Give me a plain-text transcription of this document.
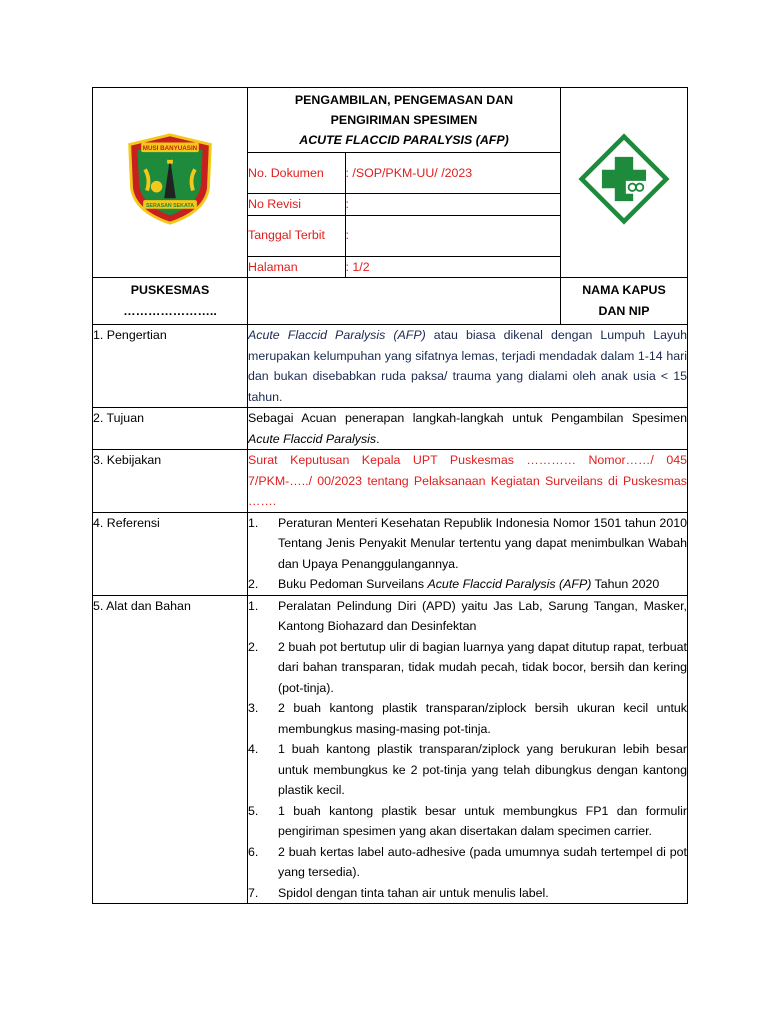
MUSI BANYUASIN
SERASAN SEKATA

PENGAMBILAN, PENGEMASAN DAN
PENGIRIMAN SPESIMEN
ACUTE FLACCID PARALYSIS (AFP)
No. Dokumen	: /SOP/PKM-UU/ /2023
No Revisi	:
Tanggal Terbit	:
Halaman	: 1/2

PUSKESMAS
…………………..

NAMA KAPUS
DAN NIP

1. Pengertian	Acute Flaccid Paralysis (AFP) atau biasa dikenal dengan Lumpuh Layuh merupakan kelumpuhan yang sifatnya lemas, terjadi mendadak dalam 1-14 hari dan bukan disebabkan ruda paksa/ trauma yang dialami oleh anak usia < 15 tahun.
2. Tujuan	Sebagai Acuan penerapan langkah-langkah untuk Pengambilan Spesimen Acute Flaccid Paralysis.
3. Kebijakan	Surat Keputusan Kepala UPT Puskesmas ………… Nomor……/ 045 7/PKM-…../ 00/2023 tentang Pelaksanaan Kegiatan Surveilans di Puskesmas …….
4. Referensi	1. Peraturan Menteri Kesehatan Republik Indonesia Nomor 1501 tahun 2010 Tentang Jenis Penyakit Menular tertentu yang dapat menimbulkan Wabah dan Upaya Penanggulangannya.
2. Buku Pedoman Surveilans Acute Flaccid Paralysis (AFP) Tahun 2020

5. Alat dan Bahan	1. Peralatan Pelindung Diri (APD) yaitu Jas Lab, Sarung Tangan, Masker, Kantong Biohazard dan Desinfektan
2. 2 buah pot bertutup ulir di bagian luarnya yang dapat ditutup rapat, terbuat dari bahan transparan, tidak mudah pecah, tidak bocor, bersih dan kering (pot-tinja).
3. 2 buah kantong plastik transparan/ziplock bersih ukuran kecil untuk membungkus masing-masing pot-tinja.
4. 1 buah kantong plastik transparan/ziplock yang berukuran lebih besar untuk membungkus ke 2 pot-tinja yang telah dibungkus dengan kantong plastik kecil.
5. 1 buah kantong plastik besar untuk membungkus FP1 dan formulir pengiriman spesimen yang akan disertakan dalam specimen carrier.
6. 2 buah kertas label auto-adhesive (pada umumnya sudah tertempel di pot yang tersedia).
7. Spidol dengan tinta tahan air untuk menulis label.
